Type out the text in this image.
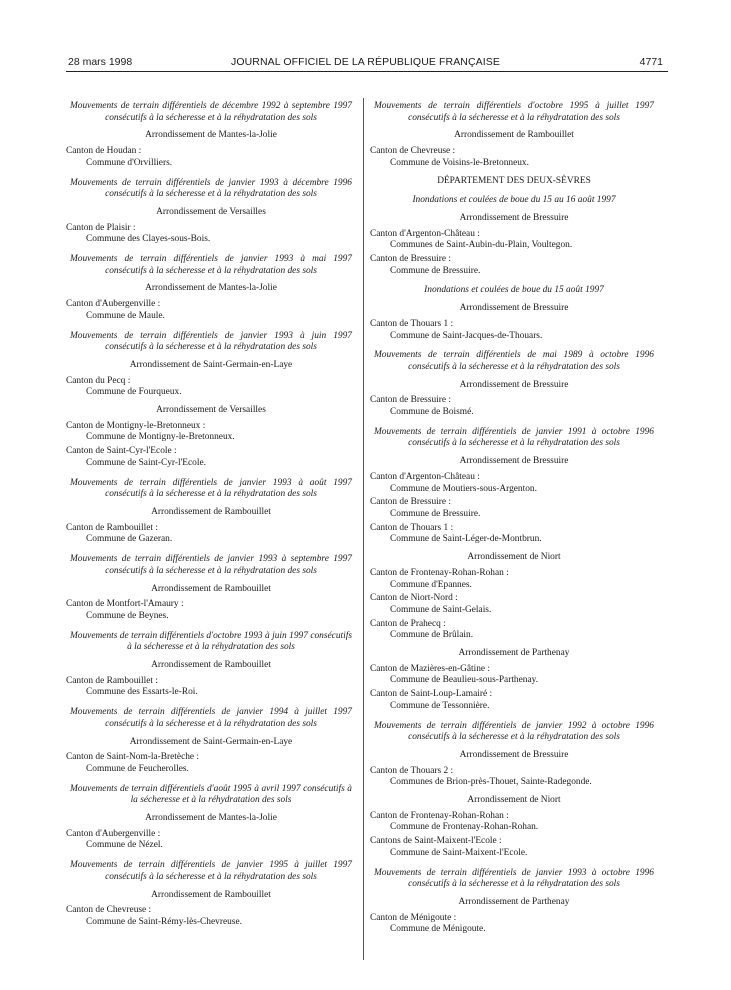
28 mars 1998	JOURNAL OFFICIEL DE LA RÉPUBLIQUE FRANÇAISE	4771
Mouvements de terrain différentiels de décembre 1992 à septembre 1997 consécutifs à la sécheresse et à la réhydratation des sols
Arrondissement de Mantes-la-Jolie
Canton de Houdan :
Commune d'Orvilliers.
Mouvements de terrain différentiels de janvier 1993 à décembre 1996 consécutifs à la sécheresse et à la réhydratation des sols
Arrondissement de Versailles
Canton de Plaisir :
Commune des Clayes-sous-Bois.
Mouvements de terrain différentiels de janvier 1993 à mai 1997 consécutifs à la sécheresse et à la réhydratation des sols
Arrondissement de Mantes-la-Jolie
Canton d'Aubergenville :
Commune de Maule.
Mouvements de terrain différentiels de janvier 1993 à juin 1997 consécutifs à la sécheresse et à la réhydratation des sols
Arrondissement de Saint-Germain-en-Laye
Canton du Pecq :
Commune de Fourqueux.
Arrondissement de Versailles
Canton de Montigny-le-Bretonneux :
Commune de Montigny-le-Bretonneux.
Canton de Saint-Cyr-l'Ecole :
Commune de Saint-Cyr-l'Ecole.
Mouvements de terrain différentiels de janvier 1993 à août 1997 consécutifs à la sécheresse et à la réhydratation des sols
Arrondissement de Rambouillet
Canton de Rambouillet :
Commune de Gazeran.
Mouvements de terrain différentiels de janvier 1993 à septembre 1997 consécutifs à la sécheresse et à la réhydratation des sols
Arrondissement de Rambouillet
Canton de Montfort-l'Amaury :
Commune de Beynes.
Mouvements de terrain différentiels d'octobre 1993 à juin 1997 consécutifs à la sécheresse et à la réhydratation des sols
Arrondissement de Rambouillet
Canton de Rambouillet :
Commune des Essarts-le-Roi.
Mouvements de terrain différentiels de janvier 1994 à juillet 1997 consécutifs à la sécheresse et à la réhydratation des sols
Arrondissement de Saint-Germain-en-Laye
Canton de Saint-Nom-la-Bretèche :
Commune de Feucherolles.
Mouvements de terrain différentiels d'août 1995 à avril 1997 consécutifs à la sécheresse et à la réhydratation des sols
Arrondissement de Mantes-la-Jolie
Canton d'Aubergenville :
Commune de Nézel.
Mouvements de terrain différentiels de janvier 1995 à juillet 1997 consécutifs à la sécheresse et à la réhydratation des sols
Arrondissement de Rambouillet
Canton de Chevreuse :
Commune de Saint-Rémy-lès-Chevreuse.
Mouvements de terrain différentiels d'octobre 1995 à juillet 1997 consécutifs à la sécheresse et à la réhydratation des sols
Arrondissement de Rambouillet
Canton de Chevreuse :
Commune de Voisins-le-Bretonneux.
DÉPARTEMENT DES DEUX-SÈVRES
Inondations et coulées de boue du 15 au 16 août 1997
Arrondissement de Bressuire
Canton d'Argenton-Château :
Communes de Saint-Aubin-du-Plain, Voultegon.
Canton de Bressuire :
Commune de Bressuire.
Inondations et coulées de boue du 15 août 1997
Arrondissement de Bressuire
Canton de Thouars 1 :
Commune de Saint-Jacques-de-Thouars.
Mouvements de terrain différentiels de mai 1989 à octobre 1996 consécutifs à la sécheresse et à la réhydratation des sols
Arrondissement de Bressuire
Canton de Bressuire :
Commune de Boismé.
Mouvements de terrain différentiels de janvier 1991 à octobre 1996 consécutifs à la sécheresse et à la réhydratation des sols
Arrondissement de Bressuire
Canton d'Argenton-Château :
Commune de Moutiers-sous-Argenton.
Canton de Bressuire :
Commune de Bressuire.
Canton de Thouars 1 :
Commune de Saint-Léger-de-Montbrun.
Arrondissement de Niort
Canton de Frontenay-Rohan-Rohan :
Commune d'Epannes.
Canton de Niort-Nord :
Commune de Saint-Gelais.
Canton de Prahecq :
Commune de Brûlain.
Arrondissement de Parthenay
Canton de Mazières-en-Gâtine :
Commune de Beaulieu-sous-Parthenay.
Canton de Saint-Loup-Lamairé :
Commune de Tessonnière.
Mouvements de terrain différentiels de janvier 1992 à octobre 1996 consécutifs à la sécheresse et à la réhydratation des sols
Arrondissement de Bressuire
Canton de Thouars 2 :
Communes de Brion-près-Thouet, Sainte-Radegonde.
Arrondissement de Niort
Canton de Frontenay-Rohan-Rohan :
Commune de Frontenay-Rohan-Rohan.
Cantons de Saint-Maixent-l'Ecole :
Commune de Saint-Maixent-l'Ecole.
Mouvements de terrain différentiels de janvier 1993 à octobre 1996 consécutifs à la sécheresse et à la réhydratation des sols
Arrondissement de Parthenay
Canton de Ménigoute :
Commune de Ménigoute.
